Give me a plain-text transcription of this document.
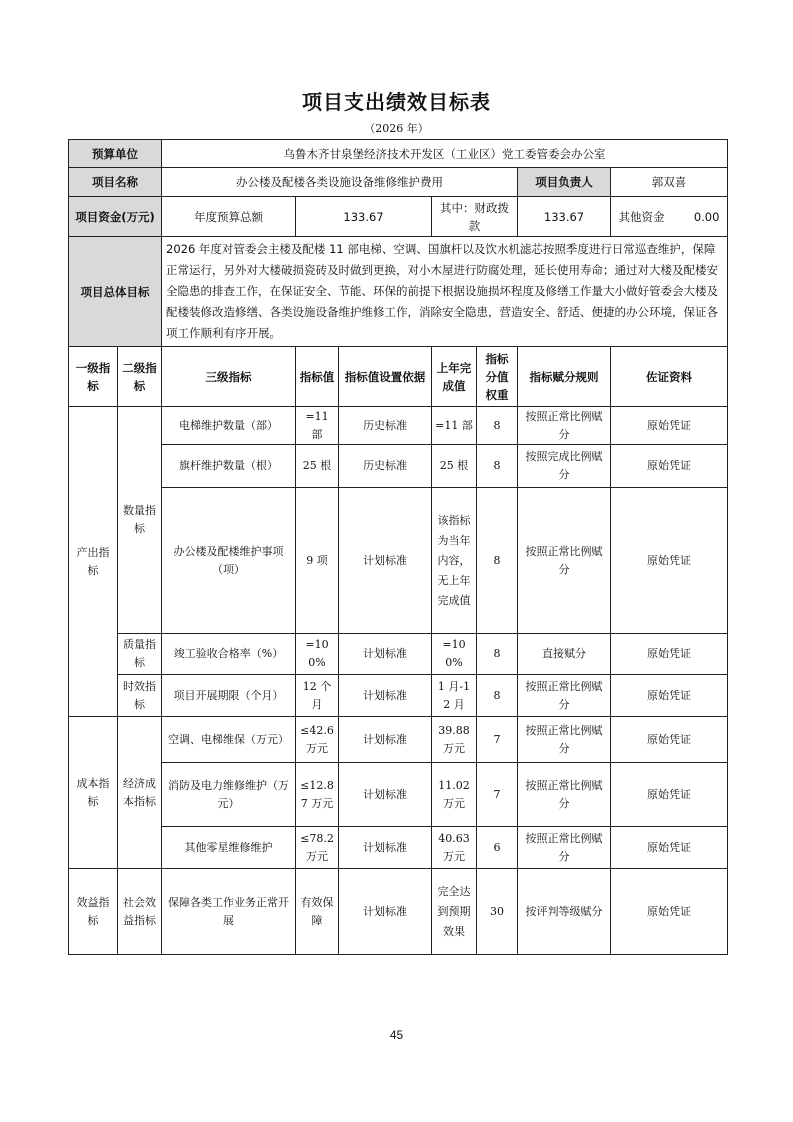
项目支出绩效目标表
（2026 年）
预算单位		乌鲁木齐甘泉堡经济技术开发区（工业区）党工委管委会办公室						
项目名称		办公楼及配楼各类设施设备维修维护费用					项目负责人	郭双喜
项目资金(万元)		年度预算总额	133.67		其中：财政拨款		133.67	其他资金 0.00
项目总体目标		2026 年度对管委会主楼及配楼 11 部电梯、空调、国旗杆以及饮水机滤芯按照季度进行日常巡查维护，保障正常运行，另外对大楼破损瓷砖及时做到更换，对小木屋进行防腐处理，延长使用寿命；通过对大楼及配楼安全隐患的排查工作，在保证安全、节能、环保的前提下根据设施损坏程度及修缮工作量大小做好管委会大楼及配楼装修改造修缮、各类设施设备维护维修工作，消除安全隐患，营造安全、舒适、便捷的办公环境，保证各项工作顺利有序开展。						
一级指标	二级指标	三级指标	指标值	指标值设置依据	上年完成值	指标分值权重	指标赋分规则	佐证资料
产出指标	数量指标	电梯维护数量（部）	=11 部	历史标准	=11 部	8	按照正常比例赋分	原始凭证
		旗杆维护数量（根）	25 根	历史标准	25 根	8	按照完成比例赋分	原始凭证
		办公楼及配楼维护事项（项）	9 项	计划标准	该指标为当年内容，无上年完成值	8	按照正常比例赋分	原始凭证
	质量指标	竣工验收合格率（%）	=100%	计划标准	=100%	8	直接赋分	原始凭证
	时效指标	项目开展期限（个月）	12 个月	计划标准	1 月-12 月	8	按照正常比例赋分	原始凭证
成本指标	经济成本指标	空调、电梯维保（万元）	≤42.6 万元	计划标准	39.88 万元	7	按照正常比例赋分	原始凭证
		消防及电力维修维护（万元）	≤12.87 万元	计划标准	11.02 万元	7	按照正常比例赋分	原始凭证
		其他零星维修维护	≤78.2 万元	计划标准	40.63 万元	6	按照正常比例赋分	原始凭证
效益指标	社会效益指标	保障各类工作业务正常开展	有效保障	计划标准	完全达到预期效果	30	按评判等级赋分	原始凭证
45
